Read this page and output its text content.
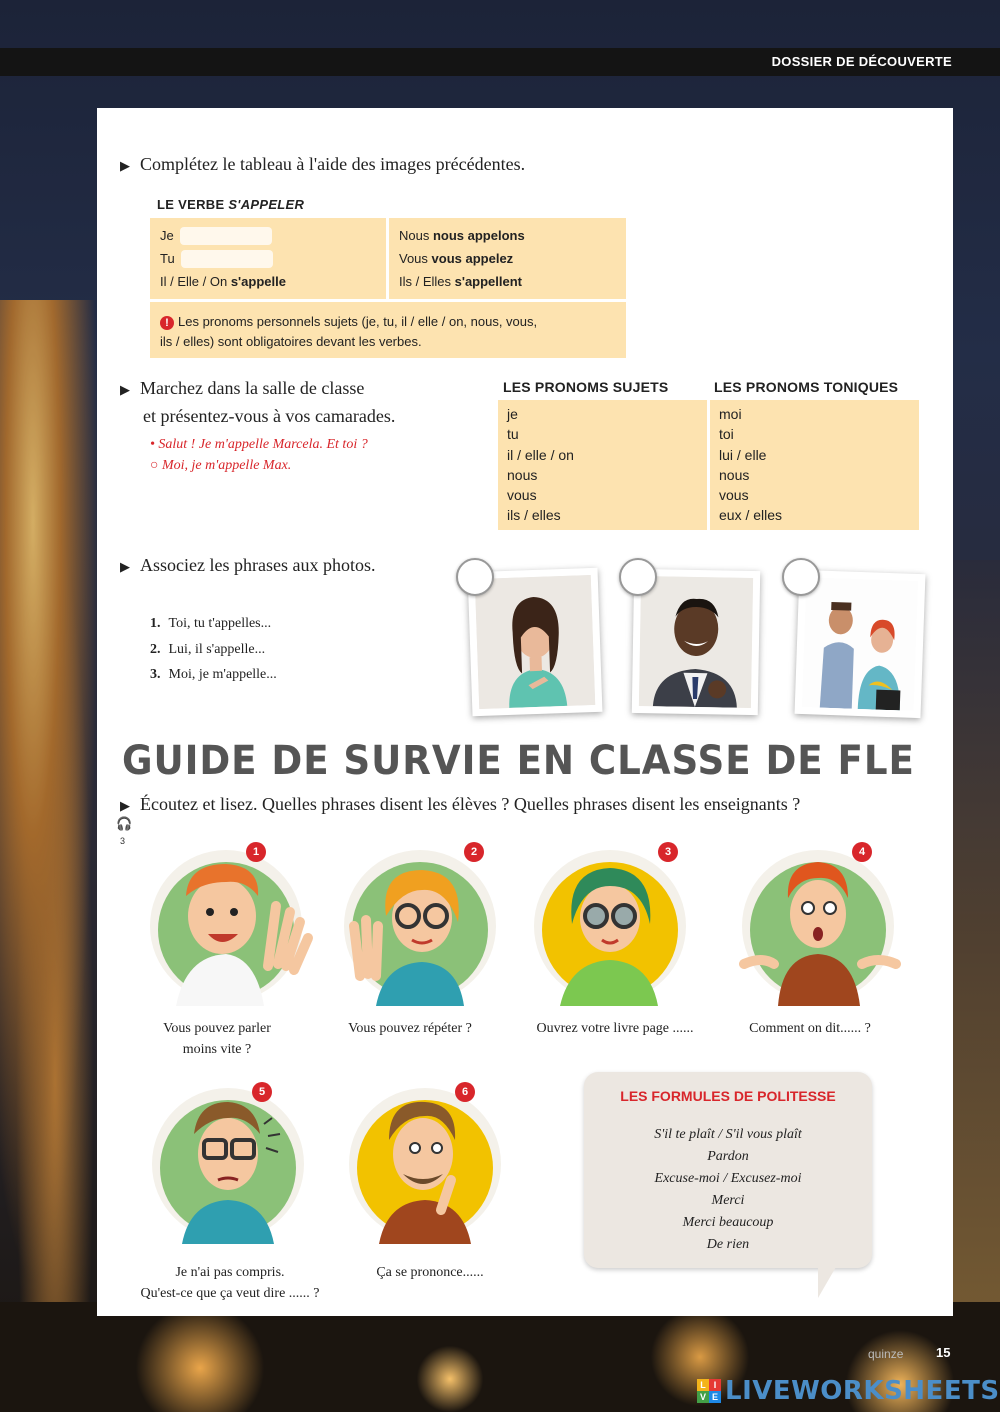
DOSSIER DE DÉCOUVERTE
▶ Complétez le tableau à l'aide des images précédentes.
LE VERBE S'APPELER
Je
Tu
Il / Elle / On
s'appelle
Nous nous appelons
Vous vous appelez
Ils / Elles s'appellent
! Les pronoms personnels sujets (je, tu, il / elle / on, nous, vous,
ils / elles) sont obligatoires devant les verbes.
▶ Marchez dans la salle de classe
et présentez-vous à vos camarades.
• Salut ! Je m'appelle Marcela. Et toi ?
○ Moi, je m'appelle Max.
LES PRONOMS SUJETS	LES PRONOMS TONIQUES
je
tu
il / elle / on
nous
vous
ils / elles
moi
toi
lui / elle
nous
vous
eux / elles
▶ Associez les phrases aux photos.
1. Toi, tu t'appelles...
2. Lui, il s'appelle...
3. Moi, je m'appelle...
GUIDE DE SURVIE EN CLASSE DE FLE
▶ Écoutez et lisez. Quelles phrases disent les élèves ? Quelles phrases disent les enseignants ?
🎧
3
1
Vous pouvez parler
moins vite ?
2
Vous pouvez répéter ?
3
Ouvrez votre livre page ......
4
Comment on dit...... ?
5
Je n'ai pas compris.
Qu'est-ce que ça veut dire ...... ?
6
Ça se prononce......
LES FORMULES DE POLITESSE
S'il te plaît / S'il vous plaît
Pardon
Excuse-moi / Excusez-moi
Merci
Merci beaucoup
De rien
quinze	15
L I
V E LIVEWORKSHEETS
